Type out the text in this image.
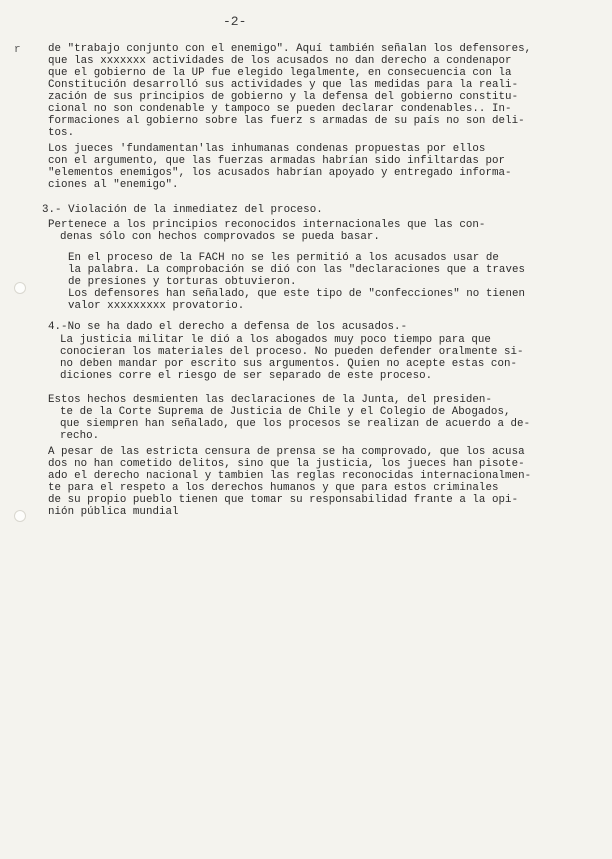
-2-
r	de "trabajo conjunto con el enemigo". Aquí también señalan los defensores,
que las xxxxxxx actividades de los acusados no dan derecho a condenapor
que el gobierno de la UP fue elegido legalmente, en consecuencia con la
Constitución desarrolló sus actividades y que las medidas para la reali-
zación de sus principios de gobierno y la defensa del gobierno constitu-
cional no son condenable y tampoco se pueden declarar condenables.. In-
formaciones al gobierno sobre las fuerz s armadas de su país no son deli-
tos.
Los jueces 'fundamentan'las inhumanas condenas propuestas por ellos
con el argumento, que las fuerzas armadas habrían sido infiltardas por
"elementos enemigos", los acusados habrían apoyado y entregado informa-
ciones al "enemigo".
3.- Violación de la inmediatez del proceso.
Pertenece a los principios reconocidos internacionales que las con-
denas sólo con hechos comprovados se pueda basar.
En el proceso de la FACH no se les permitió a los acusados usar de
la palabra. La comprobación se dió con las "declaraciones que a traves
de presiones y torturas obtuvieron.
Los defensores han señalado, que este tipo de "confecciones" no tienen
valor xxxxxxxxx provatorio.
4.-No se ha dado el derecho a defensa de los acusados.-
La justicia militar le dió a los abogados muy poco tiempo para que
conocieran los materiales del proceso. No pueden defender oralmente si-
no deben mandar por escrito sus argumentos. Quien no acepte estas con-
diciones corre el riesgo de ser separado de este proceso.
Estos hechos desmienten las declaraciones de la Junta, del presiden-
te de la Corte Suprema de Justicia de Chile y el Colegio de Abogados,
que siempren han señalado, que los procesos se realizan de acuerdo a de-
recho.
A pesar de las estricta censura de prensa se ha comprovado, que los acusa
dos no han cometido delitos, sino que la justicia, los jueces han pisote-
ado el derecho nacional y tambien las reglas reconocidas internacionalmen-
te para el respeto a los derechos humanos y que para estos criminales
de su propio pueblo tienen que tomar su responsabilidad frante a la opi-
nión pública mundial
